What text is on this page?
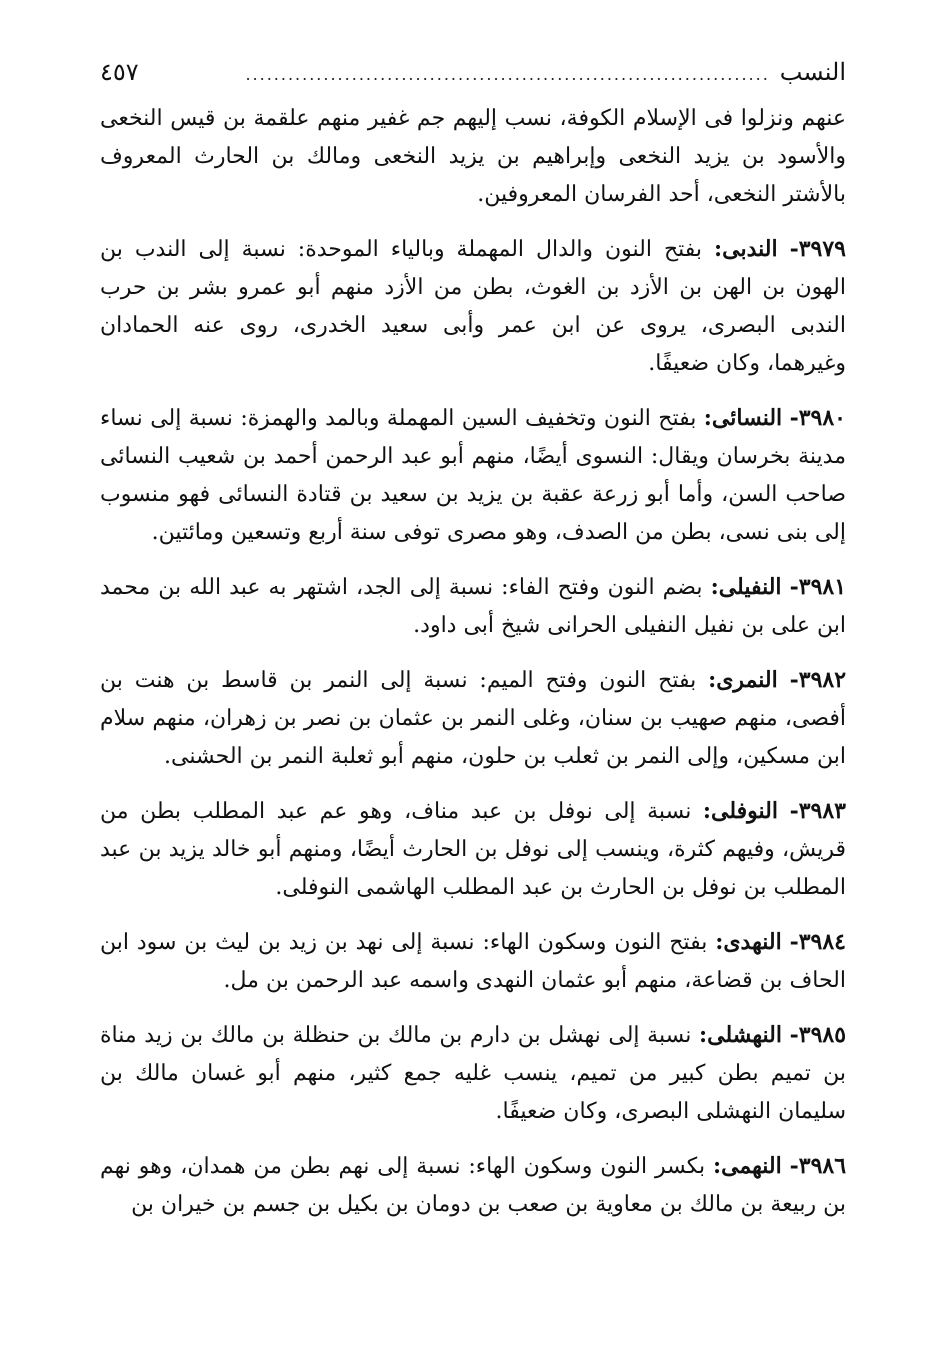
النسب
..........................................................................
٤٥٧

عنهم ونزلوا فى الإسلام الكوفة، نسب إليهم جم غفير منهم علقمة بن قيس النخعى والأسود بن يزيد النخعى وإبراهيم بن يزيد النخعى ومالك بن الحارث المعروف بالأشتر النخعى، أحد الفرسان المعروفين.

٣٩٧٩- الندبى: بفتح النون والدال المهملة وبالياء الموحدة: نسبة إلى الندب بن الهون بن الهن بن الأزد بن الغوث، بطن من الأزد منهم أبو عمرو بشر بن حرب الندبى البصرى، يروى عن ابن عمر وأبى سعيد الخدرى، روى عنه الحمادان وغيرهما، وكان ضعيفًا.

٣٩٨٠- النسائى: بفتح النون وتخفيف السين المهملة وبالمد والهمزة: نسبة إلى نساء مدينة بخرسان ويقال: النسوى أيضًا، منهم أبو عبد الرحمن أحمد بن شعيب النسائى صاحب السن، وأما أبو زرعة عقبة بن يزيد بن سعيد بن قتادة النسائى فهو منسوب إلى بنى نسى، بطن من الصدف، وهو مصرى توفى سنة أربع وتسعين ومائتين.

٣٩٨١- النفيلى: بضم النون وفتح الفاء: نسبة إلى الجد، اشتهر به عبد الله بن محمد ابن على بن نفيل النفيلى الحرانى شيخ أبى داود.

٣٩٨٢- النمرى: بفتح النون وفتح الميم: نسبة إلى النمر بن قاسط بن هنت بن أفصى، منهم صهيب بن سنان، وغلى النمر بن عثمان بن نصر بن زهران، منهم سلام ابن مسكين، وإلى النمر بن ثعلب بن حلون، منهم أبو ثعلبة النمر بن الحشنى.

٣٩٨٣- النوفلى: نسبة إلى نوفل بن عبد مناف، وهو عم عبد المطلب بطن من قريش، وفيهم كثرة، وينسب إلى نوفل بن الحارث أيضًا، ومنهم أبو خالد يزيد بن عبد المطلب بن نوفل بن الحارث بن عبد المطلب الهاشمى النوفلى.

٣٩٨٤- النهدى: بفتح النون وسكون الهاء: نسبة إلى نهد بن زيد بن ليث بن سود ابن الحاف بن قضاعة، منهم أبو عثمان النهدى واسمه عبد الرحمن بن مل.

٣٩٨٥- النهشلى: نسبة إلى نهشل بن دارم بن مالك بن حنظلة بن مالك بن زيد مناة بن تميم بطن كبير من تميم، ينسب غليه جمع كثير، منهم أبو غسان مالك بن سليمان النهشلى البصرى، وكان ضعيفًا.

٣٩٨٦- النهمى: بكسر النون وسكون الهاء: نسبة إلى نهم بطن من همدان، وهو نهم بن ربيعة بن مالك بن معاوية بن صعب بن دومان بن بكيل بن جسم بن خيران بن
